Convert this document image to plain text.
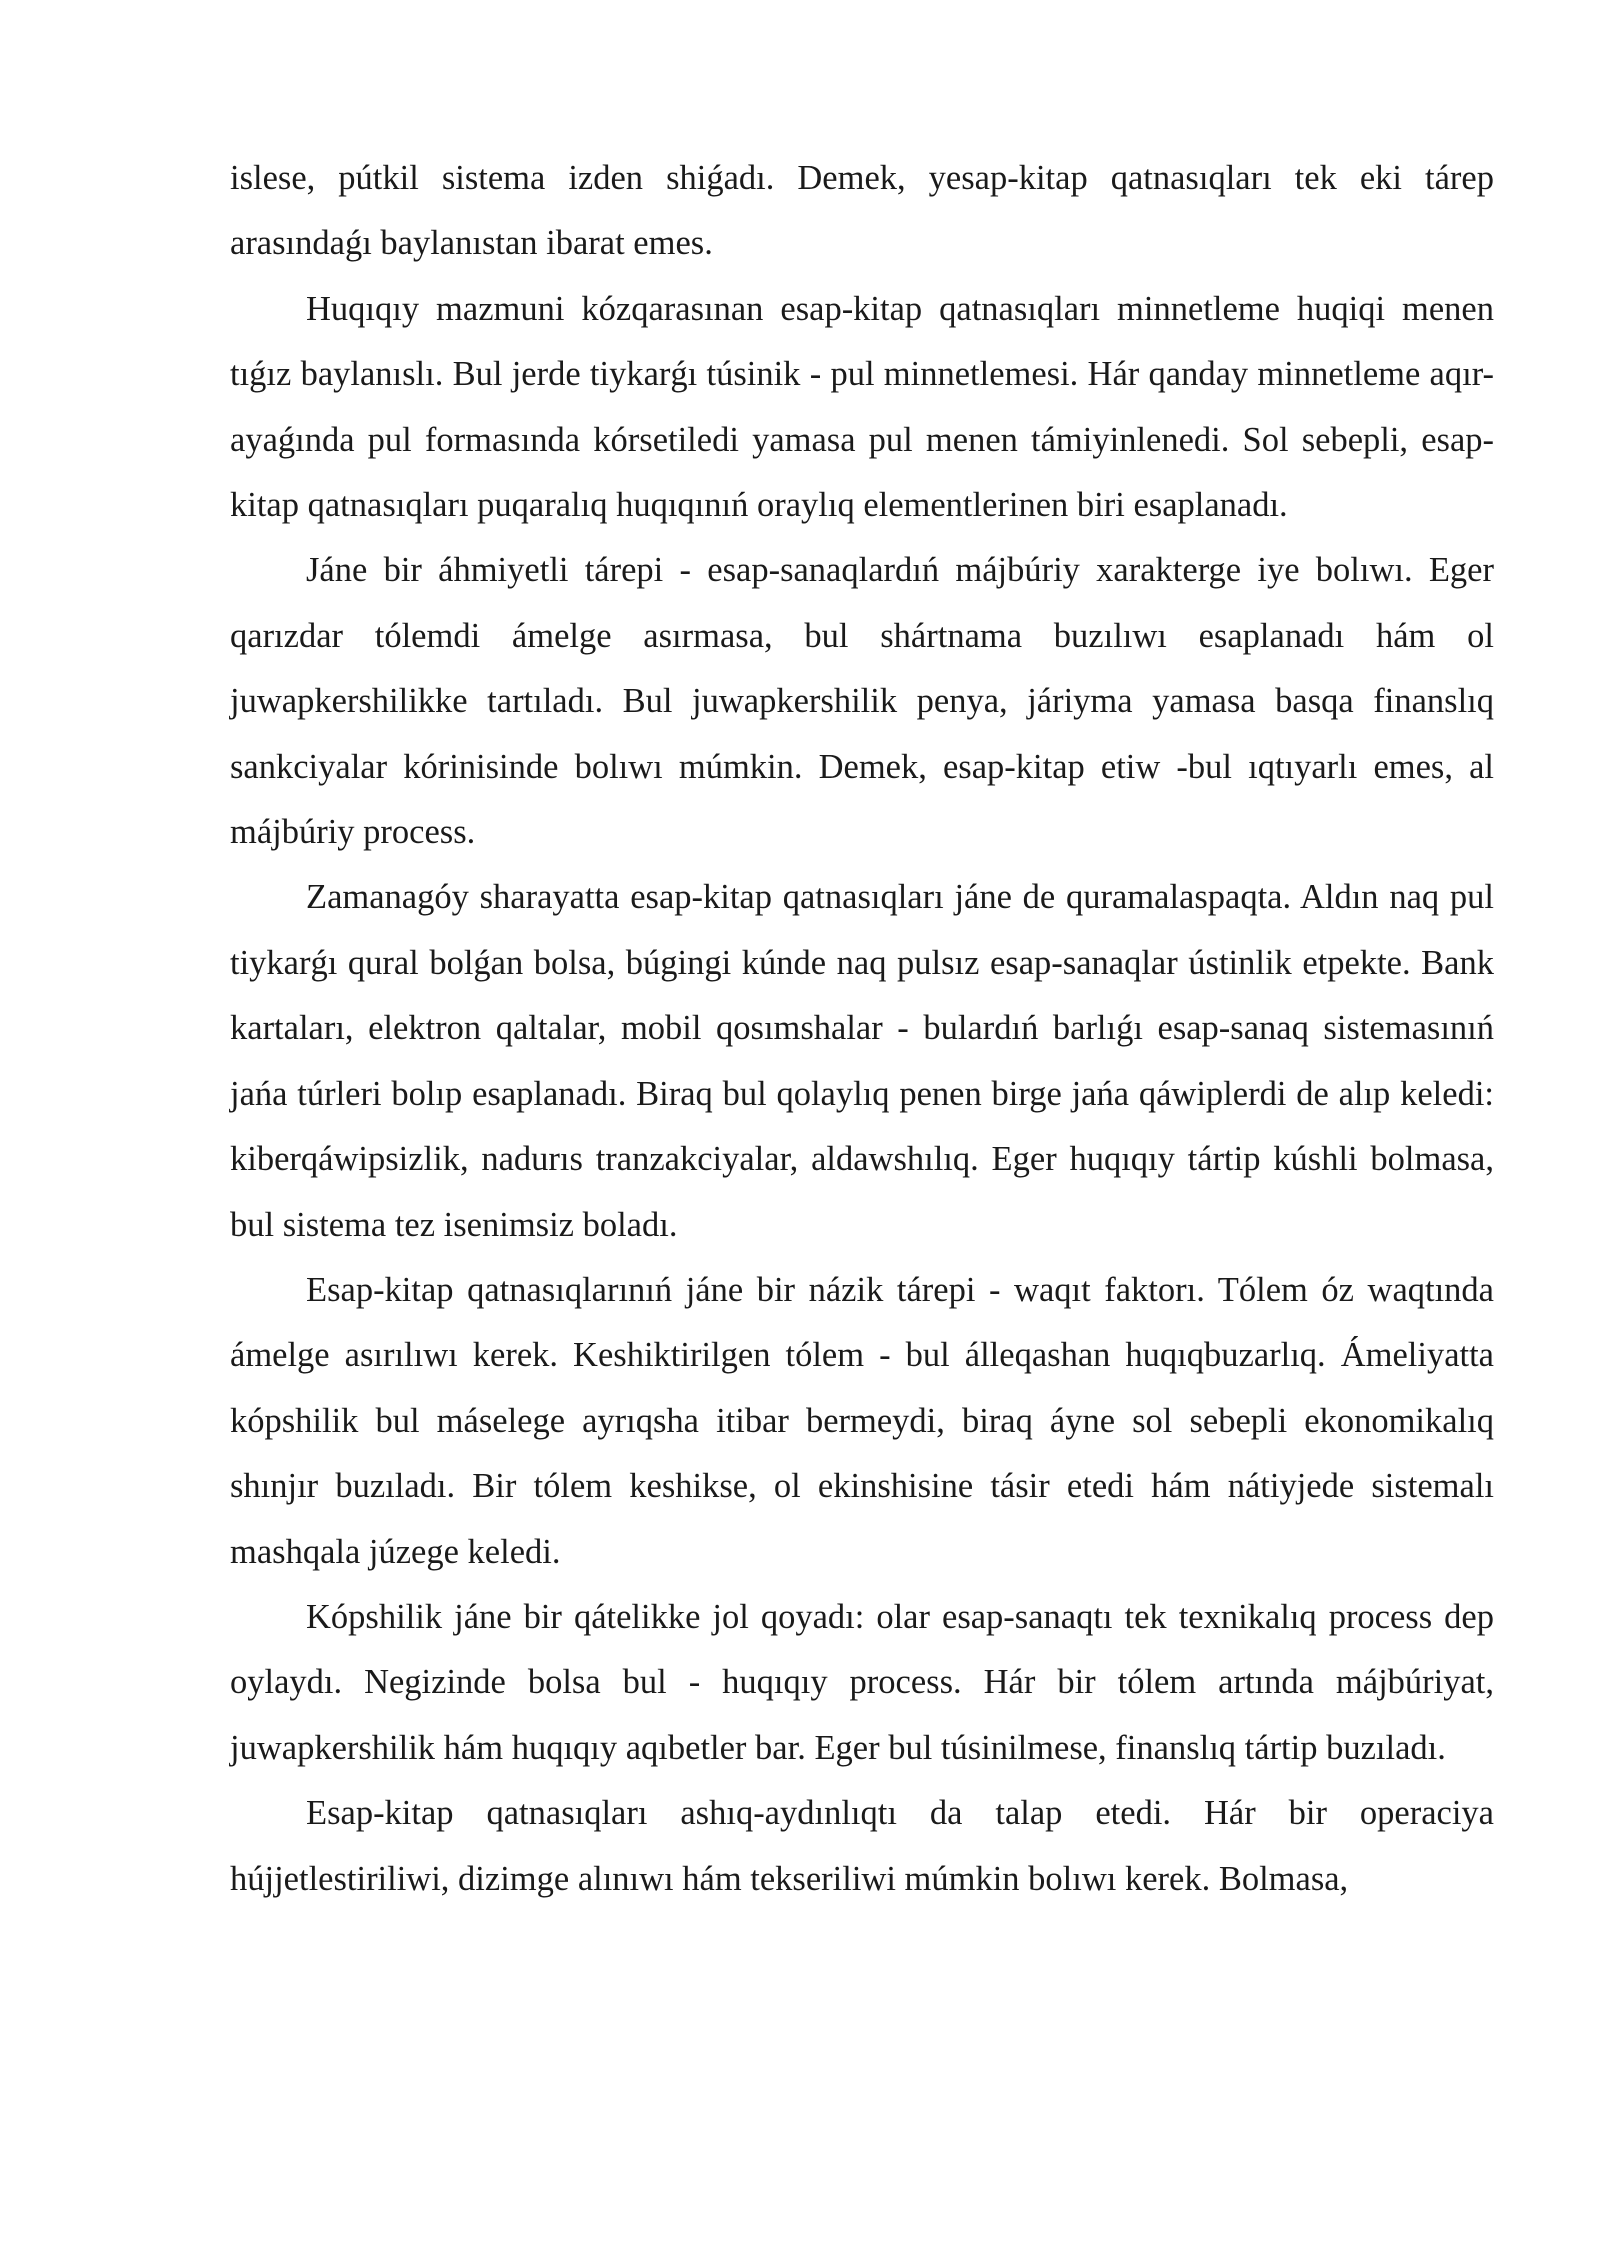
islese, pútkil sistema izden shiǵadı. Demek, yesap-kitap qatnasıqları tek eki tárep arasındaǵı baylanıstan ibarat emes.

Huqıqıy mazmuni kózqarasınan esap-kitap qatnasıqları minnetleme huqiqi menen tıǵız baylanıslı. Bul jerde tiykarǵı túsinik - pul minnetlemesi. Hár qanday minnetleme aqır-ayaǵında pul formasında kórsetiledi yamasa pul menen támiyinlenedi. Sol sebepli, esap-kitap qatnasıqları puqaralıq huqıqınıń oraylıq elementlerinen biri esaplanadı.

Jáne bir áhmiyetli tárepi - esap-sanaqlardıń májbúriy xarakterge iye bolıwı. Eger qarızdar tólemdi ámelge asırmasa, bul shártnama buzılıwı esaplanadı hám ol juwapkershilikke tartıladı. Bul juwapkershilik penya, járiyma yamasa basqa finanslıq sankciyalar kórinisinde bolıwı múmkin. Demek, esap-kitap etiw -bul ıqtıyarlı emes, al májbúriy process.

Zamanagóy sharayatta esap-kitap qatnasıqları jáne de quramalaspaqta. Aldın naq pul tiykarǵı qural bolǵan bolsa, búgingi kúnde naq pulsız esap-sanaqlar ústinlik etpekte. Bank kartaları, elektron qaltalar, mobil qosımshalar - bulardıń barlıǵı esap-sanaq sistemasınıń jańa túrleri bolıp esaplanadı. Biraq bul qolaylıq penen birge jańa qáwiplerdi de alıp keledi: kiberqáwipsizlik, nadurıs tranzakciyalar, aldawshılıq. Eger huqıqıy tártip kúshli bolmasa, bul sistema tez isenimsiz boladı.

Esap-kitap qatnasıqlarınıń jáne bir názik tárepi - waqıt faktorı. Tólem óz waqtında ámelge asırılıwı kerek. Keshiktirilgen tólem - bul álleqashan huqıqbuzarlıq. Ámeliyatta kópshilik bul máselege ayrıqsha itibar bermeydi, biraq áyne sol sebepli ekonomikalıq shınjır buzıladı. Bir tólem keshikse, ol ekinshisine tásir etedi hám nátiyjede sistemalı mashqala júzege keledi.

Kópshilik jáne bir qátelikke jol qoyadı: olar esap-sanaqtı tek texnikalıq process dep oylaydı. Negizinde bolsa bul - huqıqıy process. Hár bir tólem artında májbúriyat, juwapkershilik hám huqıqıy aqıbetler bar. Eger bul túsinilmese, finanslıq tártip buzıladı.

Esap-kitap qatnasıqları ashıq-aydınlıqtı da talap etedi. Hár bir operaciya hújjetlestiriliwi, dizimge alınıwı hám tekseriliwi múmkin bolıwı kerek. Bolmasa,
